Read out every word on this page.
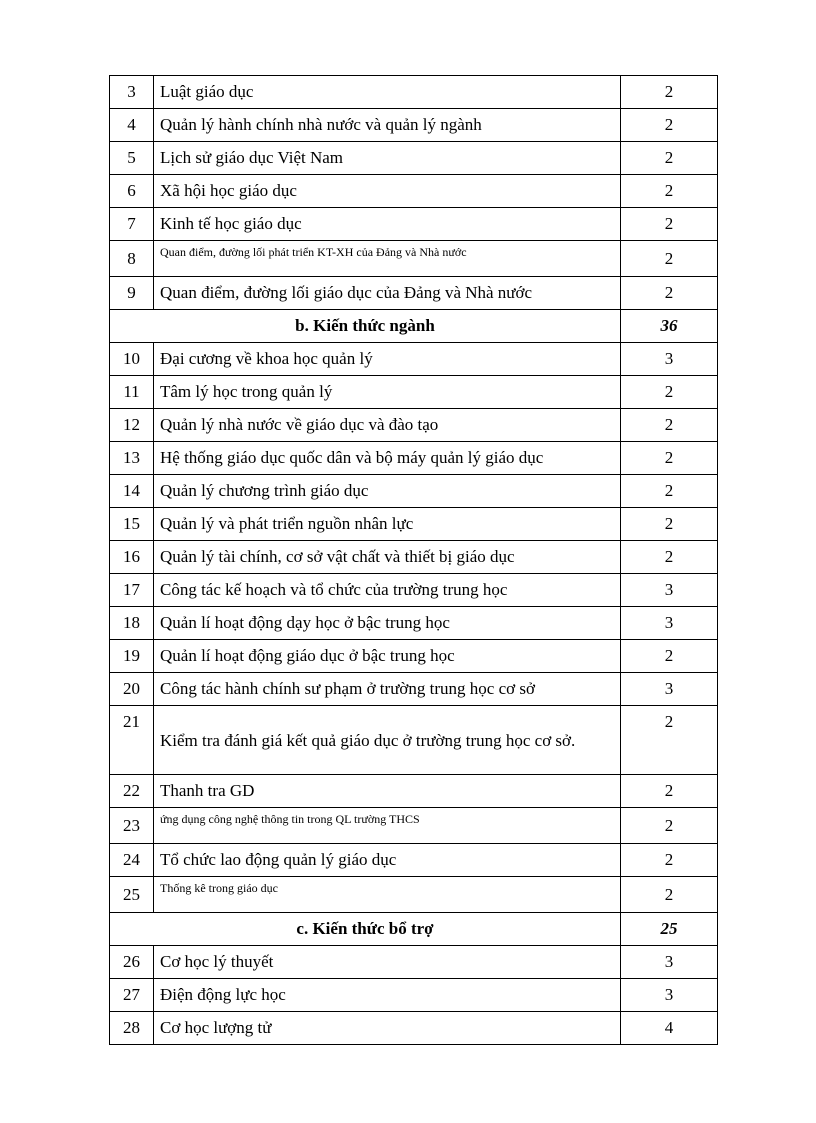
3	Luật giáo dục	2
4	Quản lý hành chính nhà nước và quản lý ngành	2
5	Lịch sử giáo dục Việt Nam	2
6	Xã hội học giáo dục	2
7	Kinh tế học giáo dục	2
8	Quan điểm, đường lối phát triển KT-XH của Đảng và Nhà nước	2
9	Quan điểm, đường lối giáo dục của Đảng và Nhà nước	2
b. Kiến thức ngành		36
10	Đại cương về khoa học quản lý	3
11	Tâm lý học trong quản lý	2
12	Quản lý nhà nước về giáo dục và đào tạo	2
13	Hệ thống giáo dục quốc dân và bộ máy quản lý giáo dục	2
14	Quản lý chương trình giáo dục	2
15	Quản lý và phát triển nguồn nhân lực	2
16	Quản lý tài chính, cơ sở vật chất và thiết bị giáo dục	2
17	Công tác kế hoạch và tổ chức của trường trung học	3
18	Quản lí hoạt động dạy học ở bậc trung học	3
19	Quản lí hoạt động giáo dục ở bậc trung học	2
20	Công tác hành chính sư phạm ở trường trung học cơ sở	3
21	Kiểm tra đánh giá kết quả giáo dục ở trường trung học cơ sở.	2
22	Thanh tra GD	2
23	ứng dụng công nghệ thông tin trong QL trường THCS	2
24	Tổ chức lao động quản lý giáo dục	2
25	Thống kê trong giáo dục	2
c. Kiến thức bổ trợ		25
26	Cơ học lý thuyết	3
27	Điện động lực học	3
28	Cơ học lượng tử	4
